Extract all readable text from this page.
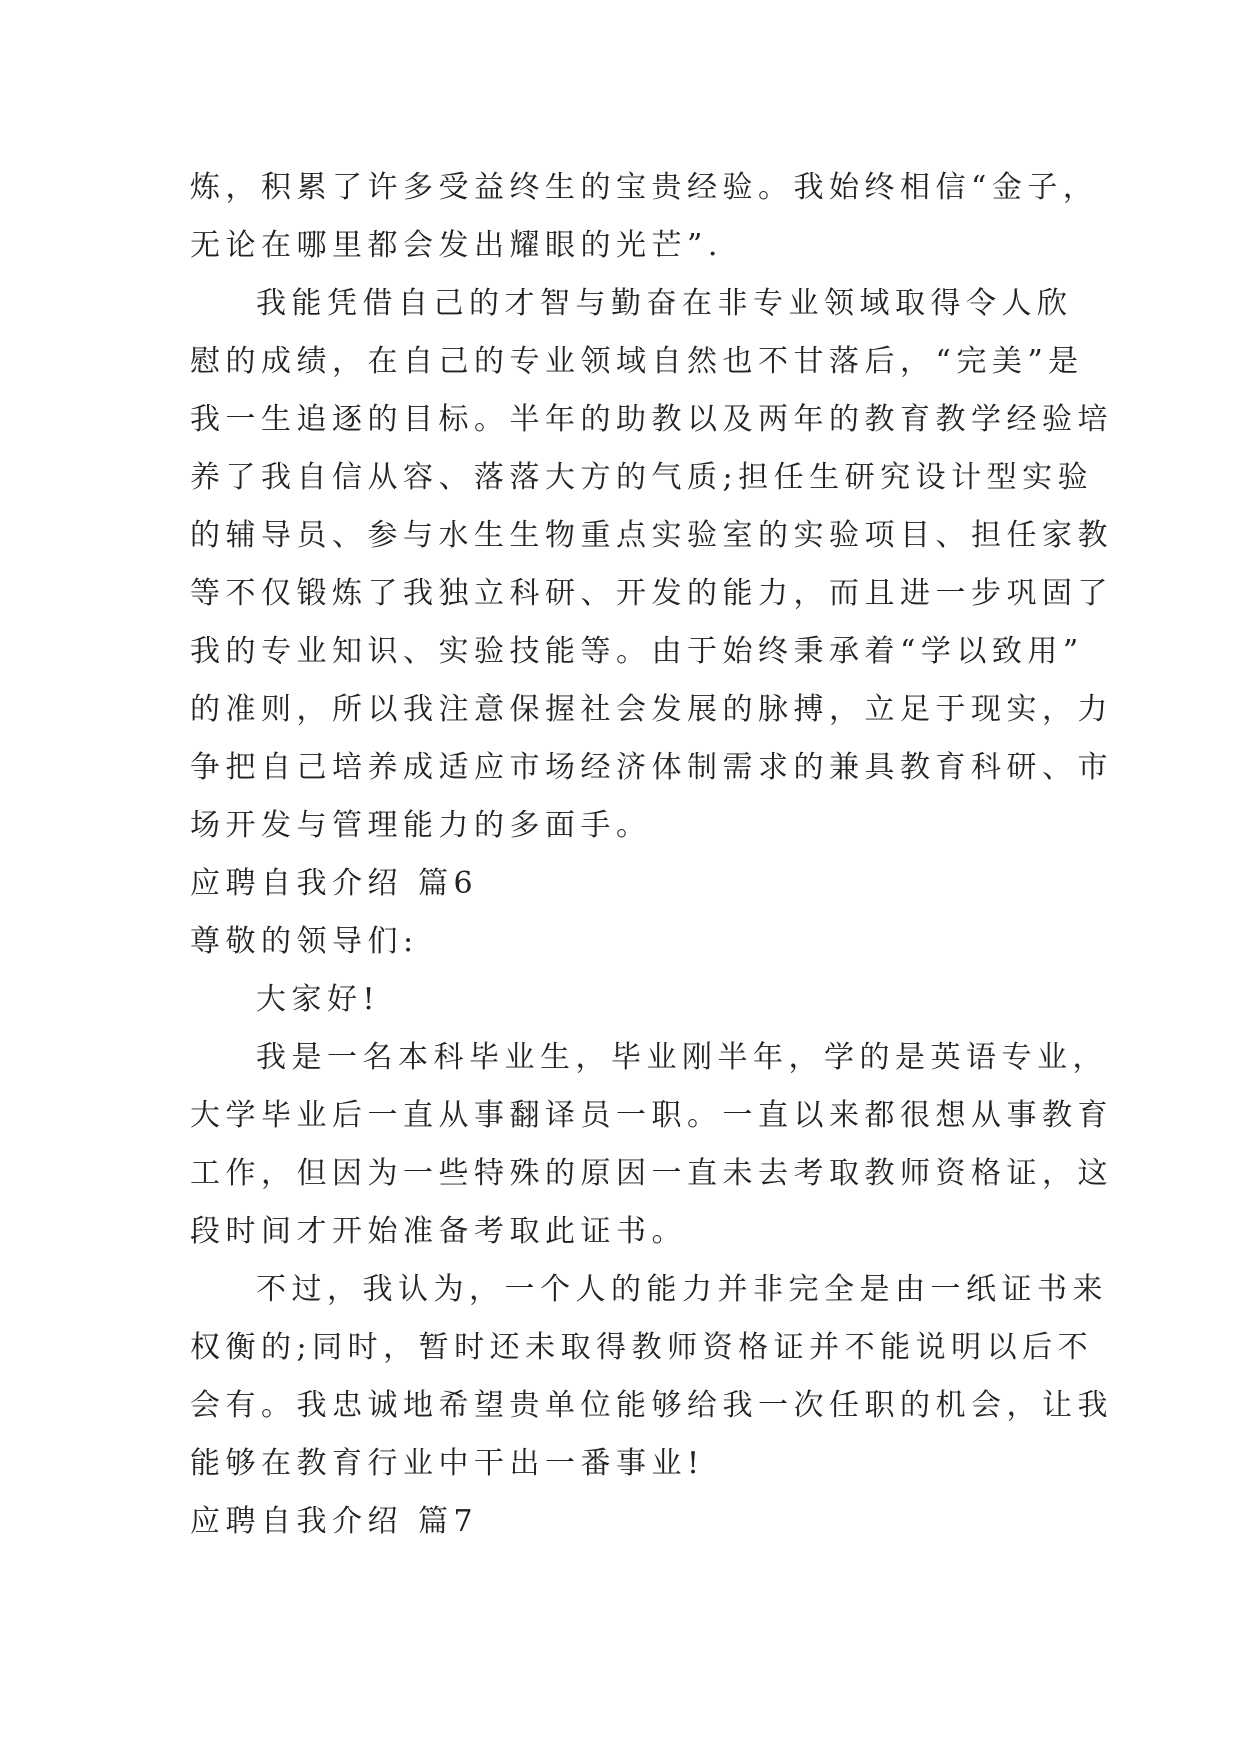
炼，积累了许多受益终生的宝贵经验。我始终相信“金子，
无论在哪里都会发出耀眼的光芒”.
我能凭借自己的才智与勤奋在非专业领域取得令人欣
慰的成绩，在自己的专业领域自然也不甘落后，“完美”是
我一生追逐的目标。半年的助教以及两年的教育教学经验培
养了我自信从容、落落大方的气质;担任生研究设计型实验
的辅导员、参与水生生物重点实验室的实验项目、担任家教
等不仅锻炼了我独立科研、开发的能力，而且进一步巩固了
我的专业知识、实验技能等。由于始终秉承着“学以致用”
的准则，所以我注意保握社会发展的脉搏，立足于现实，力
争把自己培养成适应市场经济体制需求的兼具教育科研、市
场开发与管理能力的多面手。
应聘自我介绍 篇6
尊敬的领导们:
大家好!
我是一名本科毕业生，毕业刚半年，学的是英语专业，
大学毕业后一直从事翻译员一职。一直以来都很想从事教育
工作，但因为一些特殊的原因一直未去考取教师资格证，这
段时间才开始准备考取此证书。
不过，我认为，一个人的能力并非完全是由一纸证书来
权衡的;同时，暂时还未取得教师资格证并不能说明以后不
会有。我忠诚地希望贵单位能够给我一次任职的机会，让我
能够在教育行业中干出一番事业!
应聘自我介绍 篇7
